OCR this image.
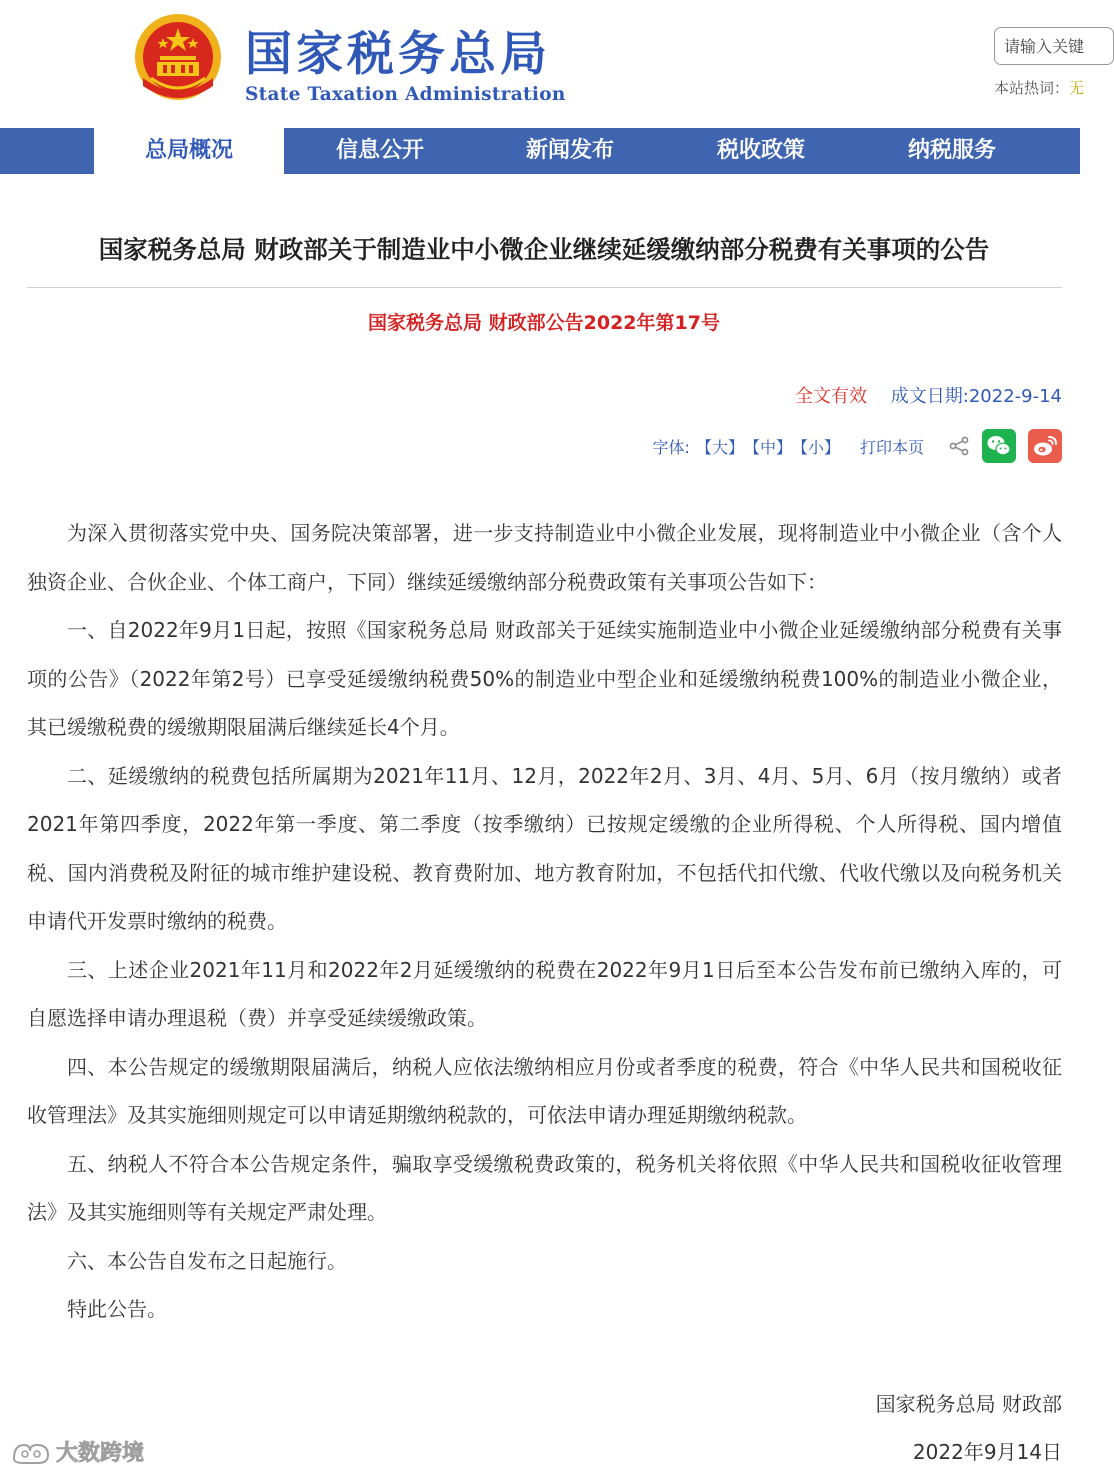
国家税务总局
State Taxation Administration
请输入关键	本站热词：无
总局概况	信息公开	新闻发布	税收政策	纳税服务
国家税务总局 财政部关于制造业中小微企业继续延缓缴纳部分税费有关事项的公告
国家税务总局 财政部公告2022年第17号
全文有效 成文日期:2022-9-14
字体: 【大】 【中】 【小】 打印本页

为深入贯彻落实党中央、国务院决策部署，进一步支持制造业中小微企业发展，现将制造业中小微企业（含个人独资企业、合伙企业、个体工商户，下同）继续延缓缴纳部分税费政策有关事项公告如下：

一、自2022年9月1日起，按照《国家税务总局 财政部关于延续实施制造业中小微企业延缓缴纳部分税费有关事项的公告》（2022年第2号）已享受延缓缴纳税费50%的制造业中型企业和延缓缴纳税费100%的制造业小微企业，其已缓缴税费的缓缴期限届满后继续延长4个月。

二、延缓缴纳的税费包括所属期为2021年11月、12月，2022年2月、3月、4月、5月、6月（按月缴纳）或者2021年第四季度，2022年第一季度、第二季度（按季缴纳）已按规定缓缴的企业所得税、个人所得税、国内增值税、国内消费税及附征的城市维护建设税、教育费附加、地方教育附加，不包括代扣代缴、代收代缴以及向税务机关申请代开发票时缴纳的税费。

三、上述企业2021年11月和2022年2月延缓缴纳的税费在2022年9月1日后至本公告发布前已缴纳入库的，可自愿选择申请办理退税（费）并享受延续缓缴政策。

四、本公告规定的缓缴期限届满后，纳税人应依法缴纳相应月份或者季度的税费，符合《中华人民共和国税收征收管理法》及其实施细则规定可以申请延期缴纳税款的，可依法申请办理延期缴纳税款。

五、纳税人不符合本公告规定条件，骗取享受缓缴税费政策的，税务机关将依照《中华人民共和国税收征收管理法》及其实施细则等有关规定严肃处理。

六、本公告自发布之日起施行。

特此公告。

国家税务总局 财政部
2022年9月14日
大数跨境
